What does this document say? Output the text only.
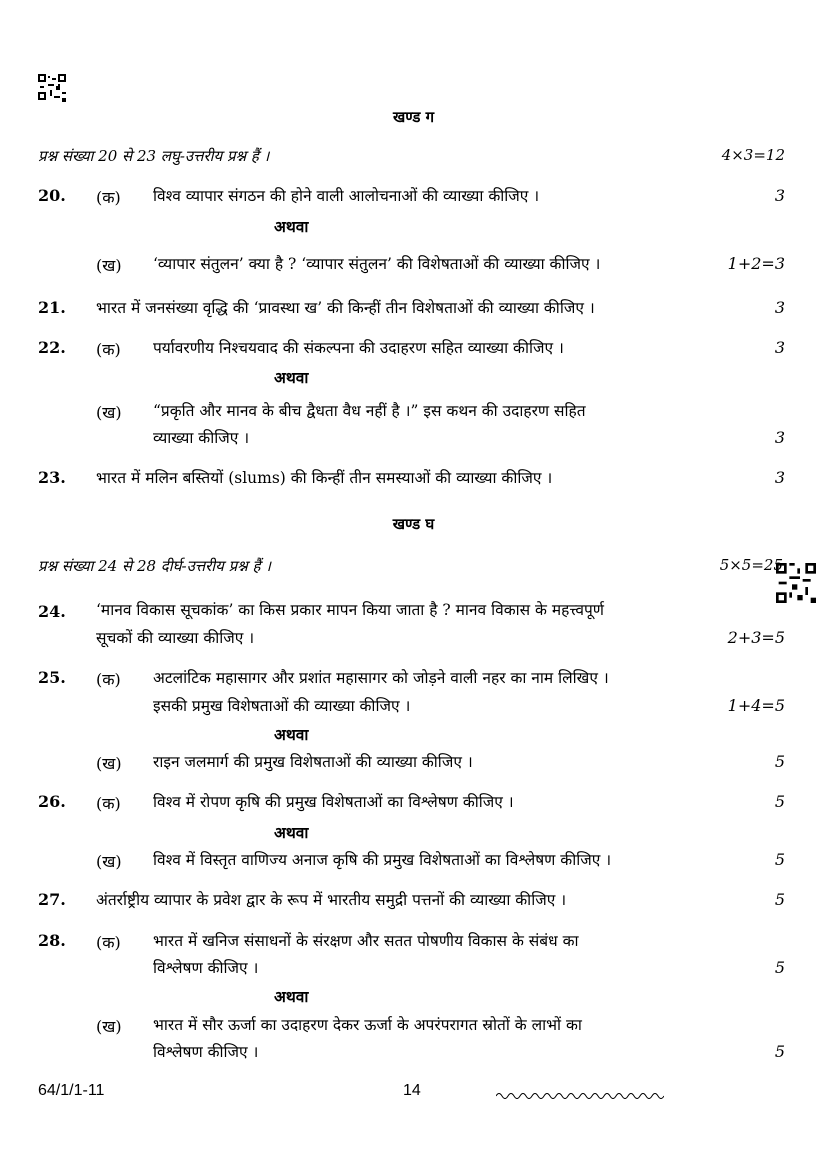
खण्ड ग
प्रश्न संख्या 20 से 23 लघु-उत्तरीय प्रश्न हैं ।	4×3=12
20. (क) विश्व व्यापार संगठन की होने वाली आलोचनाओं की व्याख्या कीजिए ।	3
अथवा
(ख) ‘व्यापार संतुलन’ क्या है ? ‘व्यापार संतुलन’ की विशेषताओं की व्याख्या कीजिए ।	1+2=3
21. भारत में जनसंख्या वृद्धि की ‘प्रावस्था ख’ की किन्हीं तीन विशेषताओं की व्याख्या कीजिए ।	3
22. (क) पर्यावरणीय निश्चयवाद की संकल्पना की उदाहरण सहित व्याख्या कीजिए ।	3
अथवा
(ख) “प्रकृति और मानव के बीच द्वैधता वैध नहीं है ।” इस कथन की उदाहरण सहित
व्याख्या कीजिए ।	3
23. भारत में मलिन बस्तियों (slums) की किन्हीं तीन समस्याओं की व्याख्या कीजिए ।	3
खण्ड घ
प्रश्न संख्या 24 से 28 दीर्घ-उत्तरीय प्रश्न हैं ।	5×5=25
24. ‘मानव विकास सूचकांक’ का किस प्रकार मापन किया जाता है ? मानव विकास के महत्त्वपूर्ण
सूचकों की व्याख्या कीजिए ।	2+3=5
25. (क) अटलांटिक महासागर और प्रशांत महासागर को जोड़ने वाली नहर का नाम लिखिए ।
इसकी प्रमुख विशेषताओं की व्याख्या कीजिए ।	1+4=5
अथवा
(ख) राइन जलमार्ग की प्रमुख विशेषताओं की व्याख्या कीजिए ।	5
26. (क) विश्व में रोपण कृषि की प्रमुख विशेषताओं का विश्लेषण कीजिए ।	5
अथवा
(ख) विश्व में विस्तृत वाणिज्य अनाज कृषि की प्रमुख विशेषताओं का विश्लेषण कीजिए ।	5
27. अंतर्राष्ट्रीय व्यापार के प्रवेश द्वार के रूप में भारतीय समुद्री पत्तनों की व्याख्या कीजिए ।	5
28. (क) भारत में खनिज संसाधनों के संरक्षण और सतत पोषणीय विकास के संबंध का
विश्लेषण कीजिए ।	5
अथवा
(ख) भारत में सौर ऊर्जा का उदाहरण देकर ऊर्जा के अपरंपरागत स्रोतों के लाभों का
विश्लेषण कीजिए ।	5
64/1/1-11	14
